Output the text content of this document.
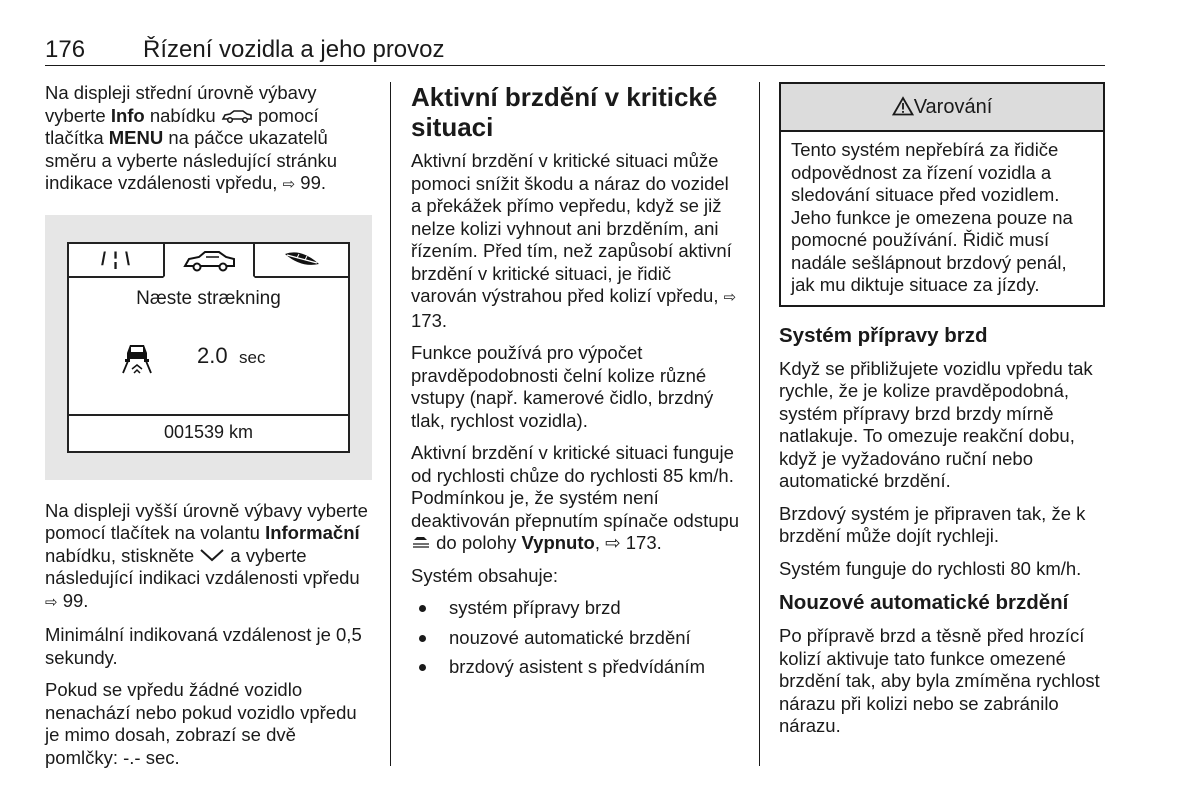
176 Řízení vozidla a jeho provoz

Na displeji střední úrovně výbavy vyberte Info nabídku  pomocí tlačítka MENU na páčce ukazatelů směru a vyberte následující stránku indikace vzdálenosti vpředu, ⇨ 99.

/ ¦ \
Næste strækning
2.0 sec
001539 km

Na displeji vyšší úrovně výbavy vyberte pomocí tlačítek na volantu Informační nabídku, stiskněte  a vyberte následující indikaci vzdálenosti vpředu ⇨ 99.

Minimální indikovaná vzdálenost je 0,5 sekundy.

Pokud se vpředu žádné vozidlo nenachází nebo pokud vozidlo vpředu je mimo dosah, zobrazí se dvě pomlčky: -.- sec.

Aktivní brzdění v kritické situaci

Aktivní brzdění v kritické situaci může pomoci snížit škodu a náraz do vozidel a překážek přímo vepředu, když se již nelze kolizi vyhnout ani brzděním, ani řízením. Před tím, než zapůsobí aktivní brzdění v kritické situaci, je řidič varován výstrahou před kolizí vpředu, ⇨ 173.

Funkce používá pro výpočet pravděpodobnosti čelní kolize různé vstupy (např. kamerové čidlo, brzdný tlak, rychlost vozidla).

Aktivní brzdění v kritické situaci funguje od rychlosti chůze do rychlosti 85 km/h. Podmínkou je, že systém není deaktivován přepnutím spínače odstupu  do polohy Vypnuto, ⇨ 173.

Systém obsahuje:

systém přípravy brzd
nouzové automatické brzdění
brzdový asistent s předvídáním
Varování

Tento systém nepřebírá za řidiče odpovědnost za řízení vozidla a sledování situace před vozidlem. Jeho funkce je omezena pouze na pomocné používání. Řidič musí nadále sešlápnout brzdový penál, jak mu diktuje situace za jízdy.

Systém přípravy brzd

Když se přibližujete vozidlu vpředu tak rychle, že je kolize pravděpodobná, systém přípravy brzd brzdy mírně natlakuje. To omezuje reakční dobu, když je vyžadováno ruční nebo automatické brzdění.

Brzdový systém je připraven tak, že k brzdění může dojít rychleji.

Systém funguje do rychlosti 80 km/h.

Nouzové automatické brzdění

Po přípravě brzd a těsně před hrozící kolizí aktivuje tato funkce omezené brzdění tak, aby byla zmíměna rychlost nárazu při kolizi nebo se zabránilo nárazu.
